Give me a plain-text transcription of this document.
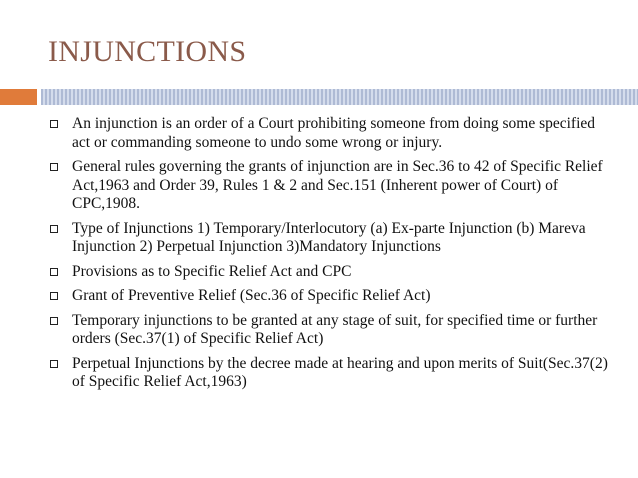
INJUNCTIONS
An injunction is an order of a Court prohibiting someone from doing some specified act or commanding someone to undo some wrong or injury.
General rules governing the grants of injunction are in Sec.36 to 42 of Specific Relief Act,1963 and Order 39, Rules 1 & 2 and Sec.151 (Inherent power of Court) of CPC,1908.
Type of Injunctions 1) Temporary/Interlocutory (a) Ex-parte Injunction (b) Mareva Injunction 2) Perpetual Injunction 3)Mandatory Injunctions
Provisions as to Specific Relief Act and CPC
Grant of Preventive Relief (Sec.36 of Specific Relief Act)
Temporary injunctions to be granted at any stage of suit, for specified time or further orders (Sec.37(1) of Specific Relief Act)
Perpetual Injunctions by the decree made at hearing and upon merits of Suit(Sec.37(2) of Specific Relief Act,1963)
